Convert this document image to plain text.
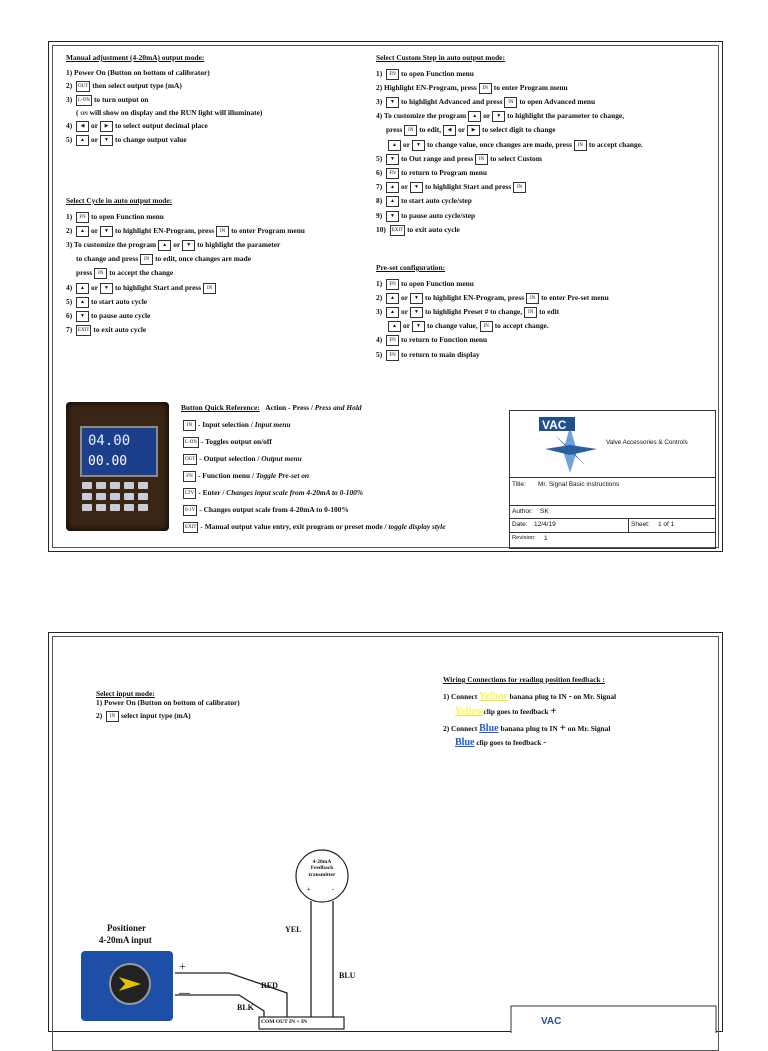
Manual adjustment (4-20mA) output mode:
1) Power On (Button on bottom of calibrator)
2) OUT then select output type (mA)
3) L-ON to turn output on
( ON will show on display and the RUN light will illuminate)
4) ◀ or ▶ to select output decimal place
5) ▲ or ▼ to change output value
Select Cycle in auto output mode:
1) FN to open Function menu
2) ▲ or ▼ to highlight EN-Program, press IN to enter Program menu
3) To customize the program ▲ or ▼ to highlight the parameter
to change and press IN to edit, once changes are made
press IN to accept the change
4) ▲ or ▼ to highlight Start and press IN
5) ▲ to start auto cycle
6) ▼ to pause auto cycle
7) EXIT to exit auto cycle
Select Custom Step in auto output mode:
1) FN to open Function menu
2) Highlight EN-Program, press IN to enter Program menu
3) ▼ to highlight Advanced and press IN to open Advanced menu
4) To customize the program ▲ or ▼ to highlight the parameter to change,
press IN to edit, ◀ or ▶ to select digit to change
▲ or ▼ to change value, once changes are made, press IN to accept change.
5) ▼ to Out range and press IN to select Custom
6) FN to return to Program menu
7) ▲ or ▼ to highlight Start and press IN
8) ▲ to start auto cycle/step
9) ▼ to pause auto cycle/step
10) EXIT to exit auto cycle
Pre-set configuration:
1) FN to open Function menu
2) ▲ or ▼ to highlight EN-Program, press IN to enter Pre-set menu
3) ▲ or ▼ to highlight Preset # to change, IN to edit
▲ or ▼ to change value, IN to accept change.
4) FN to return to Function menu
5) FN to return to main display
04.00
00.00
Button Quick Reference: Action - Press / Press and Hold
IN - Input selection / Input menu
L-ON - Toggles output on/off
OUT - Output selection / Output menu
FN - Function menu / Toggle Pre-set on
LTV - Enter / Changes input scale from 4-20mA to 0-100%
0-1V - Changes output scale from 4-20mA to 0-100%
EXIT - Manual output value entry, exit program or preset mode / toggle display style
VAC
Valve Accessories & Controls
Title: Mr. Signal Basic instructions
Author: SK
Date: 12/4/19	Sheet: 1 of 1
Revision: 1
Select input mode:
1) Power On (Button on bottom of calibrator)
2) IN select input type (mA)
Wiring Connections for reading position feedback :
1) Connect Yellow banana plug to IN - on Mr. Signal
Yellowclip goes to feedback +
2) Connect Blue banana plug to IN + on Mr. Signal
Blue clip goes to feedback -
4-20mA Feedback transmitter
+	-
YEL
BLU
RED
BLK
Positioner
4-20mA input
+
—
COM OUT IN + IN	VAC
